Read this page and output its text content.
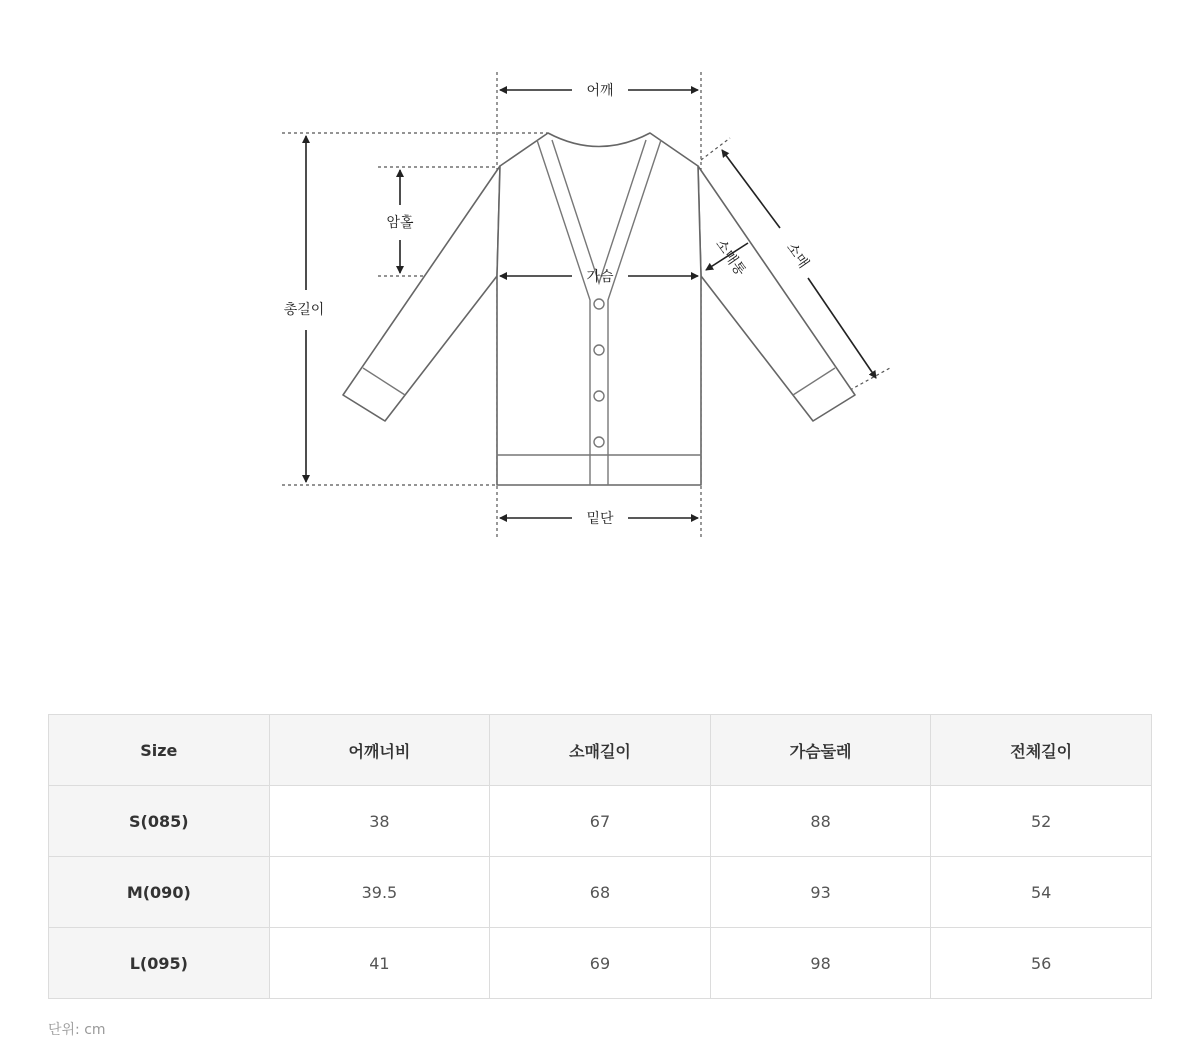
어깨
총길이
암홀
가슴
밑단
소매
소매통
Size	어깨너비	소매길이	가슴둘레	전체길이
S(085)	38	67	88	52
M(090)	39.5	68	93	54
L(095)	41	69	98	56
단위: cm
